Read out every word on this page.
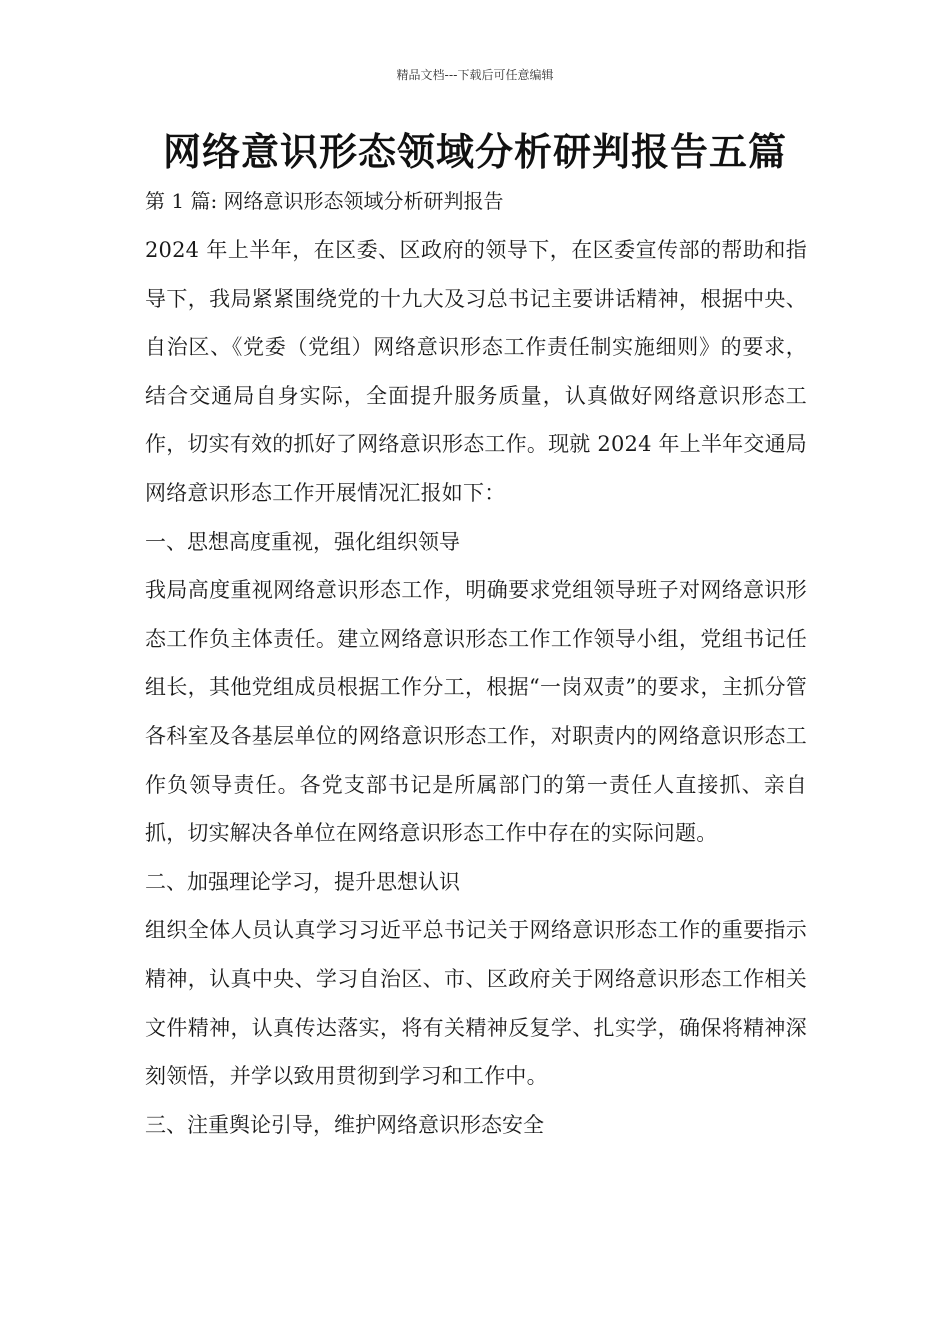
精品文档---下载后可任意编辑
网络意识形态领域分析研判报告五篇

第 1 篇: 网络意识形态领域分析研判报告

2024 年上半年，在区委、区政府的领导下，在区委宣传部的帮助和指导下，我局紧紧围绕党的十九大及习总书记主要讲话精神，根据中央、自治区、《党委（党组）网络意识形态工作责任制实施细则》的要求，结合交通局自身实际，全面提升服务质量，认真做好网络意识形态工作，切实有效的抓好了网络意识形态工作。现就 2024 年上半年交通局网络意识形态工作开展情况汇报如下：

一、思想高度重视，强化组织领导

我局高度重视网络意识形态工作，明确要求党组领导班子对网络意识形态工作负主体责任。建立网络意识形态工作工作领导小组，党组书记任组长，其他党组成员根据工作分工，根据“一岗双责”的要求，主抓分管各科室及各基层单位的网络意识形态工作，对职责内的网络意识形态工作负领导责任。各党支部书记是所属部门的第一责任人直接抓、亲自抓，切实解决各单位在网络意识形态工作中存在的实际问题。

二、加强理论学习，提升思想认识

组织全体人员认真学习习近平总书记关于网络意识形态工作的重要指示精神，认真中央、学习自治区、市、区政府关于网络意识形态工作相关文件精神，认真传达落实，将有关精神反复学、扎实学，确保将精神深刻领悟，并学以致用贯彻到学习和工作中。

三、注重舆论引导，维护网络意识形态安全
